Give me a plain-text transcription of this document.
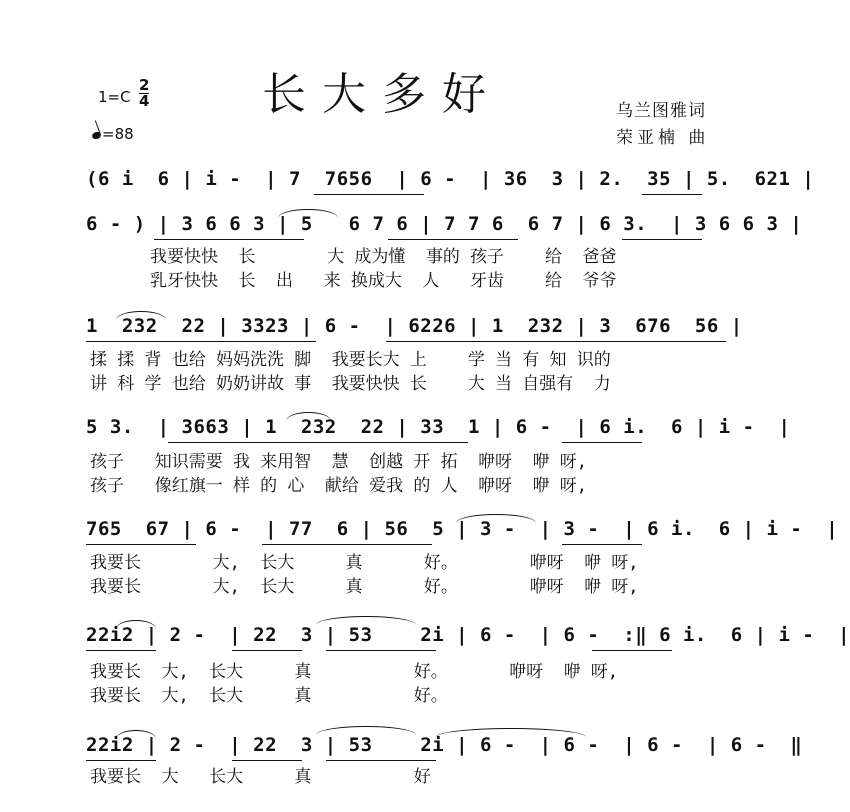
长大多好
1=C
2
4
=88
乌兰图雅词
荣亚楠 曲
(6 i  6 | i -  | 7  7656  | 6 -  | 36  3 | 2.  35 | 5.  621 |
6 - ) | 3 6 6 3 | 5   6 7 6 | 7 7 6  6 7 | 6 3.  | 3 6 6 3 |
我要快快  长       大 成为懂  事的 孩子    给  爸爸
乳牙快快  长  出   来 换成大  人   牙齿    给  爷爷
1  232  22 | 3323 | 6 -  | 6226 | 1  232 | 3  676  56 |
揉 揉 背 也给 妈妈洗洗 脚  我要长大 上    学 当 有 知 识的
讲 科 学 也给 奶奶讲故 事  我要快快 长    大 当 自强有  力
5 3.  | 3663 | 1  232  22 | 33  1 | 6 -  | 6 i.  6 | i -  |
孩子   知识需要 我 来用智  慧  创越 开 拓  咿呀  咿 呀,
孩子   像红旗一 样 的 心  献给 爱我 的 人  咿呀  咿 呀,
765  67 | 6 -  | 77  6 | 56  5 | 3 -  | 3 -  | 6 i.  6 | i -  |
我要长       大,  长大     真      好。       咿呀  咿 呀,
我要长       大,  长大     真      好。       咿呀  咿 呀,
22i2 | 2 -  | 22  3 | 53    2i | 6 -  | 6 -  :‖ 6 i.  6 | i -  |
我要长  大,  长大     真          好。      咿呀  咿 呀,
我要长  大,  长大     真          好。
22i2 | 2 -  | 22  3 | 53    2i | 6 -  | 6 -  | 6 -  | 6 -  ‖
我要长  大   长大     真          好
